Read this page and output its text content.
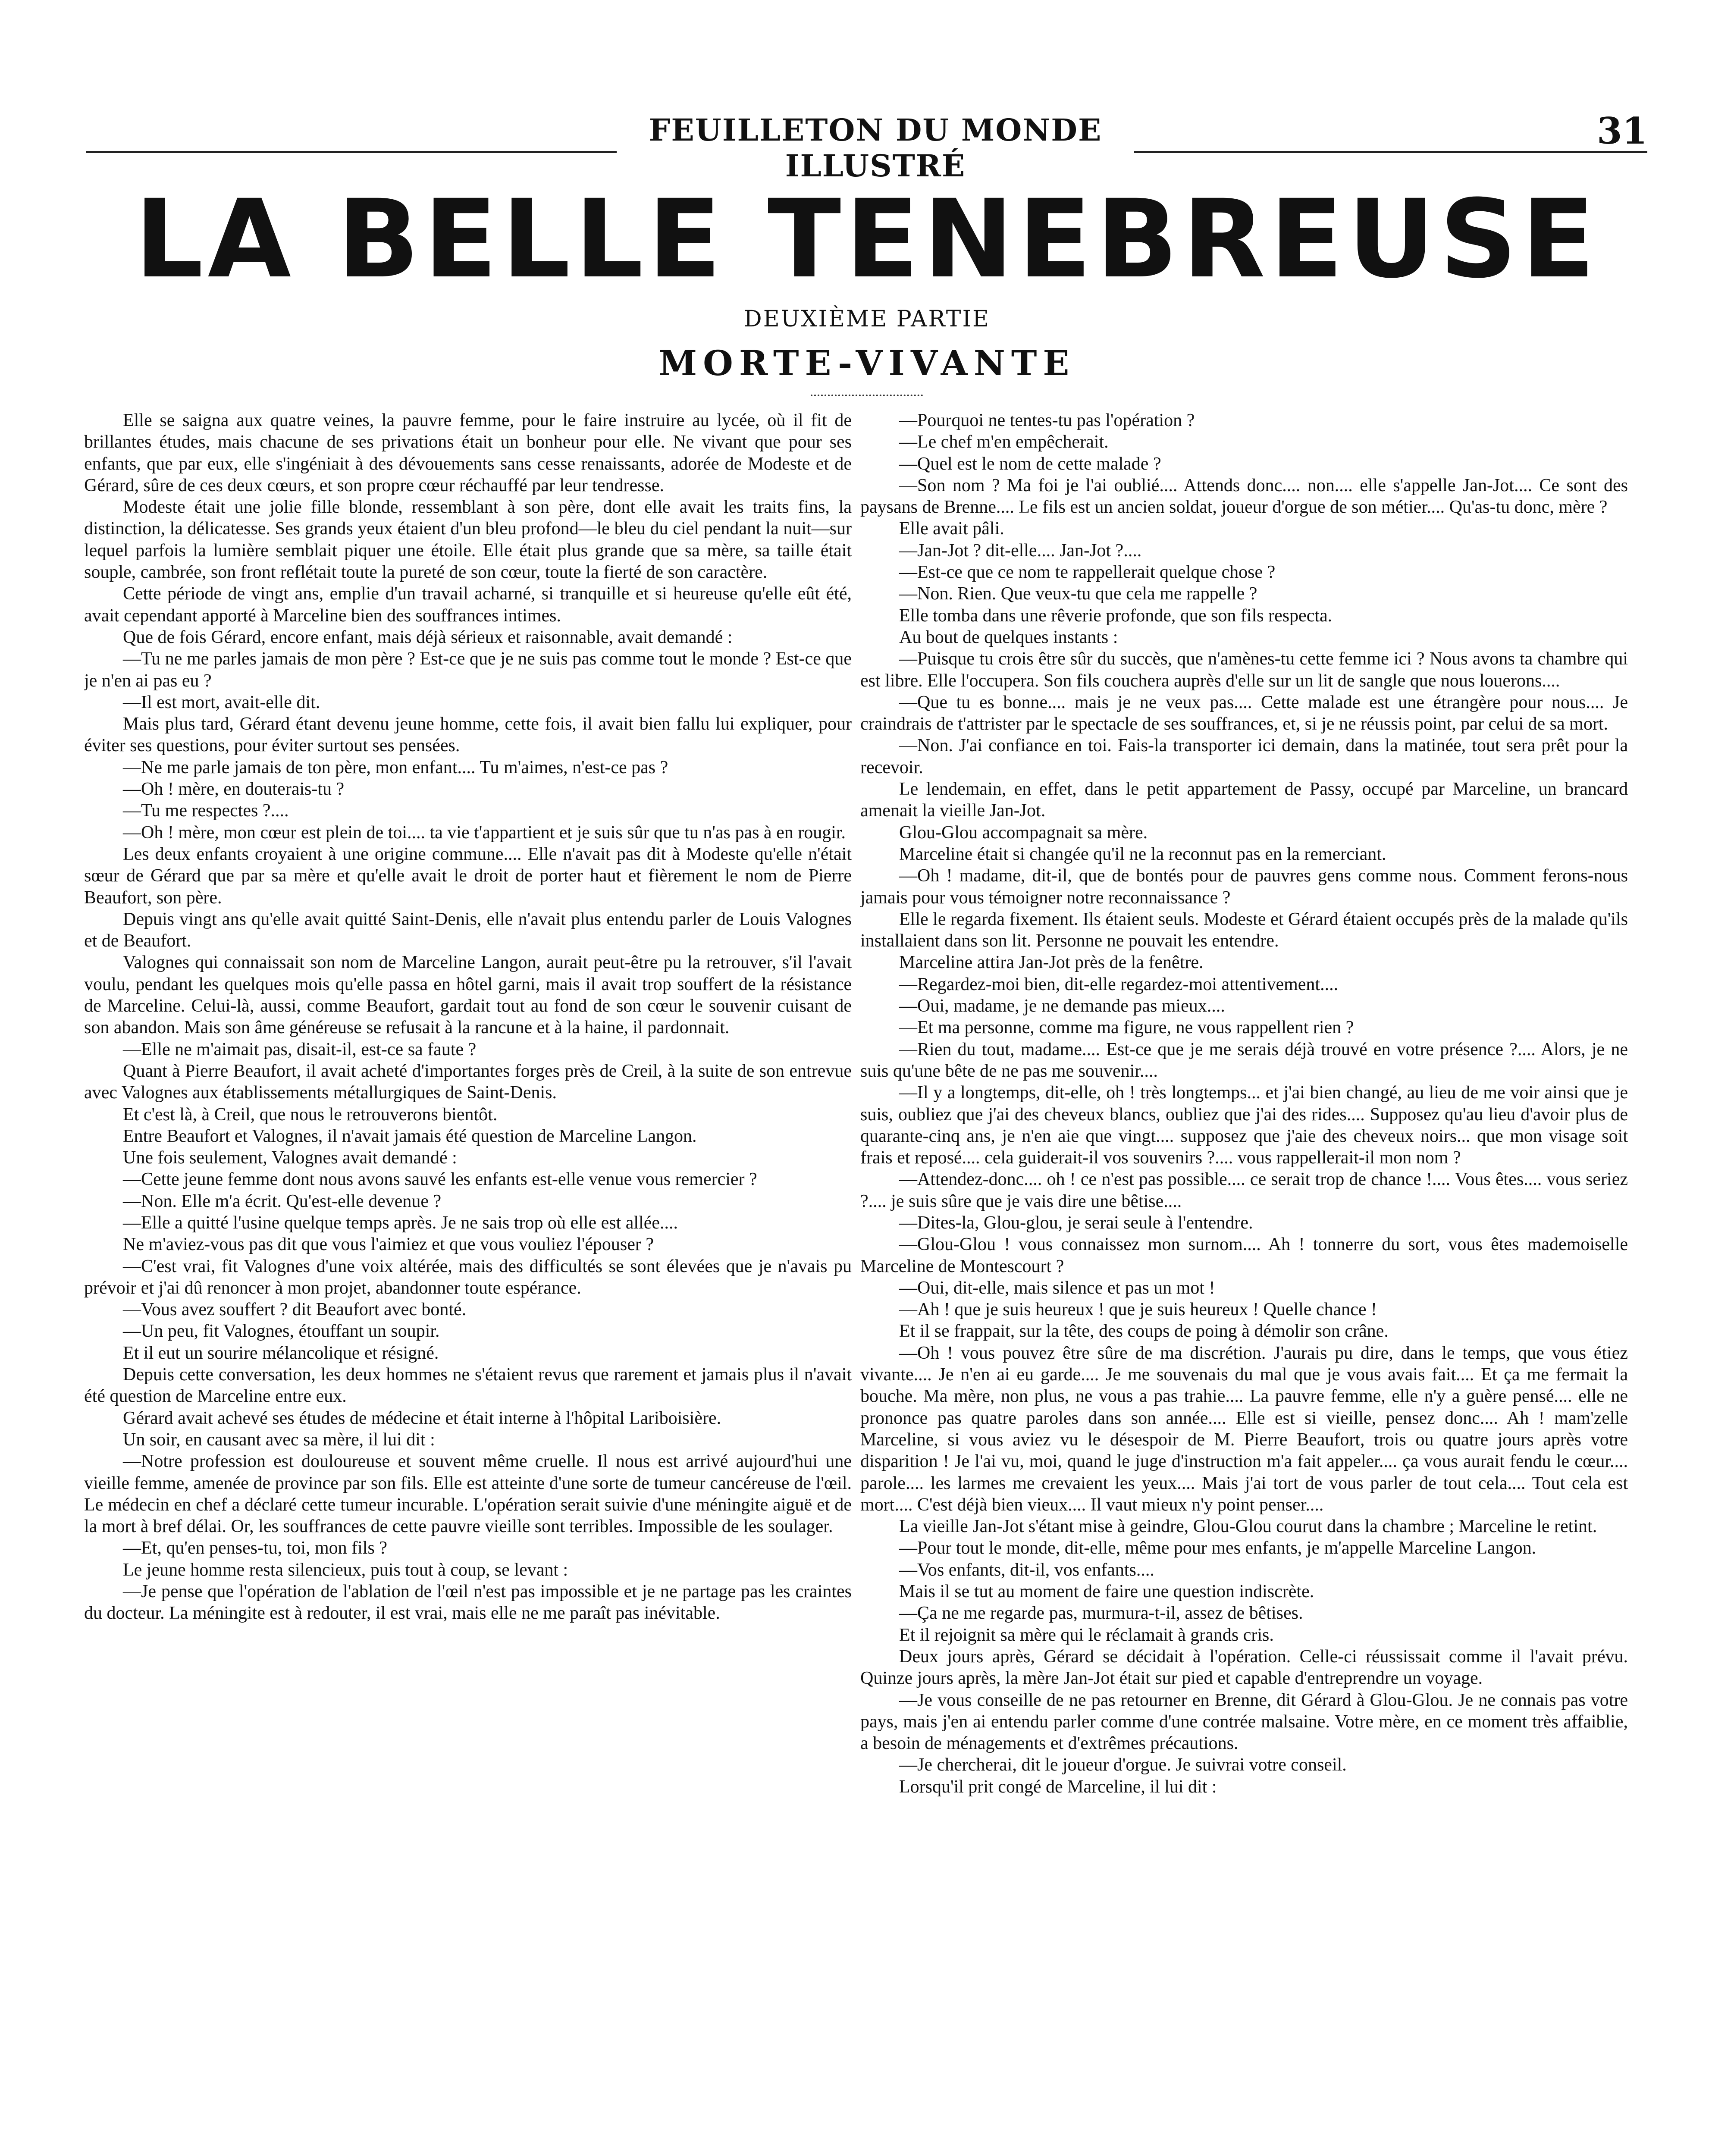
FEUILLETON DU MONDE ILLUSTRÉ
31
LA BELLE TENEBREUSE
DEUXIÈME PARTIE
MORTE-VIVANTE

Elle se saigna aux quatre veines, la pauvre femme, pour le faire instruire au lycée, où il fit de brillantes études, mais chacune de ses privations était un bonheur pour elle. Ne vivant que pour ses enfants, que par eux, elle s'ingéniait à des dévouements sans cesse renaissants, adorée de Modeste et de Gérard, sûre de ces deux cœurs, et son propre cœur réchauffé par leur tendresse.

Modeste était une jolie fille blonde, ressemblant à son père, dont elle avait les traits fins, la distinction, la délicatesse. Ses grands yeux étaient d'un bleu profond—le bleu du ciel pendant la nuit—sur lequel parfois la lumière semblait piquer une étoile. Elle était plus grande que sa mère, sa taille était souple, cambrée, son front reflétait toute la pureté de son cœur, toute la fierté de son caractère.

Cette période de vingt ans, emplie d'un travail acharné, si tranquille et si heureuse qu'elle eût été, avait cependant apporté à Marceline bien des souffrances intimes.

Que de fois Gérard, encore enfant, mais déjà sérieux et raisonnable, avait demandé :

—Tu ne me parles jamais de mon père ? Est-ce que je ne suis pas comme tout le monde ? Est-ce que je n'en ai pas eu ?

—Il est mort, avait-elle dit.

Mais plus tard, Gérard étant devenu jeune homme, cette fois, il avait bien fallu lui expliquer, pour éviter ses questions, pour éviter surtout ses pensées.

—Ne me parle jamais de ton père, mon enfant.... Tu m'aimes, n'est-ce pas ?

—Oh ! mère, en douterais-tu ?

—Tu me respectes ?....

—Oh ! mère, mon cœur est plein de toi.... ta vie t'appartient et je suis sûr que tu n'as pas à en rougir.

Les deux enfants croyaient à une origine commune.... Elle n'avait pas dit à Modeste qu'elle n'était sœur de Gérard que par sa mère et qu'elle avait le droit de porter haut et fièrement le nom de Pierre Beaufort, son père.

Depuis vingt ans qu'elle avait quitté Saint-Denis, elle n'avait plus entendu parler de Louis Valognes et de Beaufort.

Valognes qui connaissait son nom de Marceline Langon, aurait peut-être pu la retrouver, s'il l'avait voulu, pendant les quelques mois qu'elle passa en hôtel garni, mais il avait trop souffert de la résistance de Marceline. Celui-là, aussi, comme Beaufort, gardait tout au fond de son cœur le souvenir cuisant de son abandon. Mais son âme généreuse se refusait à la rancune et à la haine, il pardonnait.

—Elle ne m'aimait pas, disait-il, est-ce sa faute ?

Quant à Pierre Beaufort, il avait acheté d'importantes forges près de Creil, à la suite de son entrevue avec Valognes aux établissements métallurgiques de Saint-Denis.

Et c'est là, à Creil, que nous le retrouverons bientôt.

Entre Beaufort et Valognes, il n'avait jamais été question de Marceline Langon.

Une fois seulement, Valognes avait demandé :

—Cette jeune femme dont nous avons sauvé les enfants est-elle venue vous remercier ?

—Non. Elle m'a écrit. Qu'est-elle devenue ?

—Elle a quitté l'usine quelque temps après. Je ne sais trop où elle est allée....

Ne m'aviez-vous pas dit que vous l'aimiez et que vous vouliez l'épouser ?

—C'est vrai, fit Valognes d'une voix altérée, mais des difficultés se sont élevées que je n'avais pu prévoir et j'ai dû renoncer à mon projet, abandonner toute espérance.

—Vous avez souffert ? dit Beaufort avec bonté.

—Un peu, fit Valognes, étouffant un soupir.

Et il eut un sourire mélancolique et résigné.

Depuis cette conversation, les deux hommes ne s'étaient revus que rarement et jamais plus il n'avait été question de Marceline entre eux.

Gérard avait achevé ses études de médecine et était interne à l'hôpital Lariboisière.

Un soir, en causant avec sa mère, il lui dit :

—Notre profession est douloureuse et souvent même cruelle. Il nous est arrivé aujourd'hui une vieille femme, amenée de province par son fils. Elle est atteinte d'une sorte de tumeur cancéreuse de l'œil. Le médecin en chef a déclaré cette tumeur incurable. L'opération serait suivie d'une méningite aiguë et de la mort à bref délai. Or, les souffrances de cette pauvre vieille sont terribles. Impossible de les soulager.

—Et, qu'en penses-tu, toi, mon fils ?

Le jeune homme resta silencieux, puis tout à coup, se levant :

—Je pense que l'opération de l'ablation de l'œil n'est pas impossible et je ne partage pas les craintes du docteur. La méningite est à redouter, il est vrai, mais elle ne me paraît pas inévitable.

—Pourquoi ne tentes-tu pas l'opération ?

—Le chef m'en empêcherait.

—Quel est le nom de cette malade ?

—Son nom ? Ma foi je l'ai oublié.... Attends donc.... non.... elle s'appelle Jan-Jot.... Ce sont des paysans de Brenne.... Le fils est un ancien soldat, joueur d'orgue de son métier.... Qu'as-tu donc, mère ?

Elle avait pâli.

—Jan-Jot ? dit-elle.... Jan-Jot ?....

—Est-ce que ce nom te rappellerait quelque chose ?

—Non. Rien. Que veux-tu que cela me rappelle ?

Elle tomba dans une rêverie profonde, que son fils respecta.

Au bout de quelques instants :

—Puisque tu crois être sûr du succès, que n'amènes-tu cette femme ici ? Nous avons ta chambre qui est libre. Elle l'occupera. Son fils couchera auprès d'elle sur un lit de sangle que nous louerons....

—Que tu es bonne.... mais je ne veux pas.... Cette malade est une étrangère pour nous.... Je craindrais de t'attrister par le spectacle de ses souffrances, et, si je ne réussis point, par celui de sa mort.

—Non. J'ai confiance en toi. Fais-la transporter ici demain, dans la matinée, tout sera prêt pour la recevoir.

Le lendemain, en effet, dans le petit appartement de Passy, occupé par Marceline, un brancard amenait la vieille Jan-Jot.

Glou-Glou accompagnait sa mère.

Marceline était si changée qu'il ne la reconnut pas en la remerciant.

—Oh ! madame, dit-il, que de bontés pour de pauvres gens comme nous. Comment ferons-nous jamais pour vous témoigner notre reconnaissance ?

Elle le regarda fixement. Ils étaient seuls. Modeste et Gérard étaient occupés près de la malade qu'ils installaient dans son lit. Personne ne pouvait les entendre.

Marceline attira Jan-Jot près de la fenêtre.

—Regardez-moi bien, dit-elle regardez-moi attentivement....

—Oui, madame, je ne demande pas mieux....

—Et ma personne, comme ma figure, ne vous rappellent rien ?

—Rien du tout, madame.... Est-ce que je me serais déjà trouvé en votre présence ?.... Alors, je ne suis qu'une bête de ne pas me souvenir....

—Il y a longtemps, dit-elle, oh ! très longtemps... et j'ai bien changé, au lieu de me voir ainsi que je suis, oubliez que j'ai des cheveux blancs, oubliez que j'ai des rides.... Supposez qu'au lieu d'avoir plus de quarante-cinq ans, je n'en aie que vingt.... supposez que j'aie des cheveux noirs... que mon visage soit frais et reposé.... cela guiderait-il vos souvenirs ?.... vous rappellerait-il mon nom ?

—Attendez-donc.... oh ! ce n'est pas possible.... ce serait trop de chance !.... Vous êtes.... vous seriez ?.... je suis sûre que je vais dire une bêtise....

—Dites-la, Glou-glou, je serai seule à l'entendre.

—Glou-Glou ! vous connaissez mon surnom.... Ah ! tonnerre du sort, vous êtes mademoiselle Marceline de Montescourt ?

—Oui, dit-elle, mais silence et pas un mot !

—Ah ! que je suis heureux ! que je suis heureux ! Quelle chance !

Et il se frappait, sur la tête, des coups de poing à démolir son crâne.

—Oh ! vous pouvez être sûre de ma discrétion. J'aurais pu dire, dans le temps, que vous étiez vivante.... Je n'en ai eu garde.... Je me souvenais du mal que je vous avais fait.... Et ça me fermait la bouche. Ma mère, non plus, ne vous a pas trahie.... La pauvre femme, elle n'y a guère pensé.... elle ne prononce pas quatre paroles dans son année.... Elle est si vieille, pensez donc.... Ah ! mam'zelle Marceline, si vous aviez vu le désespoir de M. Pierre Beaufort, trois ou quatre jours après votre disparition ! Je l'ai vu, moi, quand le juge d'instruction m'a fait appeler.... ça vous aurait fendu le cœur.... parole.... les larmes me crevaient les yeux.... Mais j'ai tort de vous parler de tout cela.... Tout cela est mort.... C'est déjà bien vieux.... Il vaut mieux n'y point penser....

La vieille Jan-Jot s'étant mise à geindre, Glou-Glou courut dans la chambre ; Marceline le retint.

—Pour tout le monde, dit-elle, même pour mes enfants, je m'appelle Marceline Langon.

—Vos enfants, dit-il, vos enfants....

Mais il se tut au moment de faire une question indiscrète.

—Ça ne me regarde pas, murmura-t-il, assez de bêtises.

Et il rejoignit sa mère qui le réclamait à grands cris.

Deux jours après, Gérard se décidait à l'opération. Celle-ci réussissait comme il l'avait prévu. Quinze jours après, la mère Jan-Jot était sur pied et capable d'entreprendre un voyage.

—Je vous conseille de ne pas retourner en Brenne, dit Gérard à Glou-Glou. Je ne connais pas votre pays, mais j'en ai entendu parler comme d'une contrée malsaine. Votre mère, en ce moment très affaiblie, a besoin de ménagements et d'extrêmes précautions.

—Je chercherai, dit le joueur d'orgue. Je suivrai votre conseil.

Lorsqu'il prit congé de Marceline, il lui dit :
